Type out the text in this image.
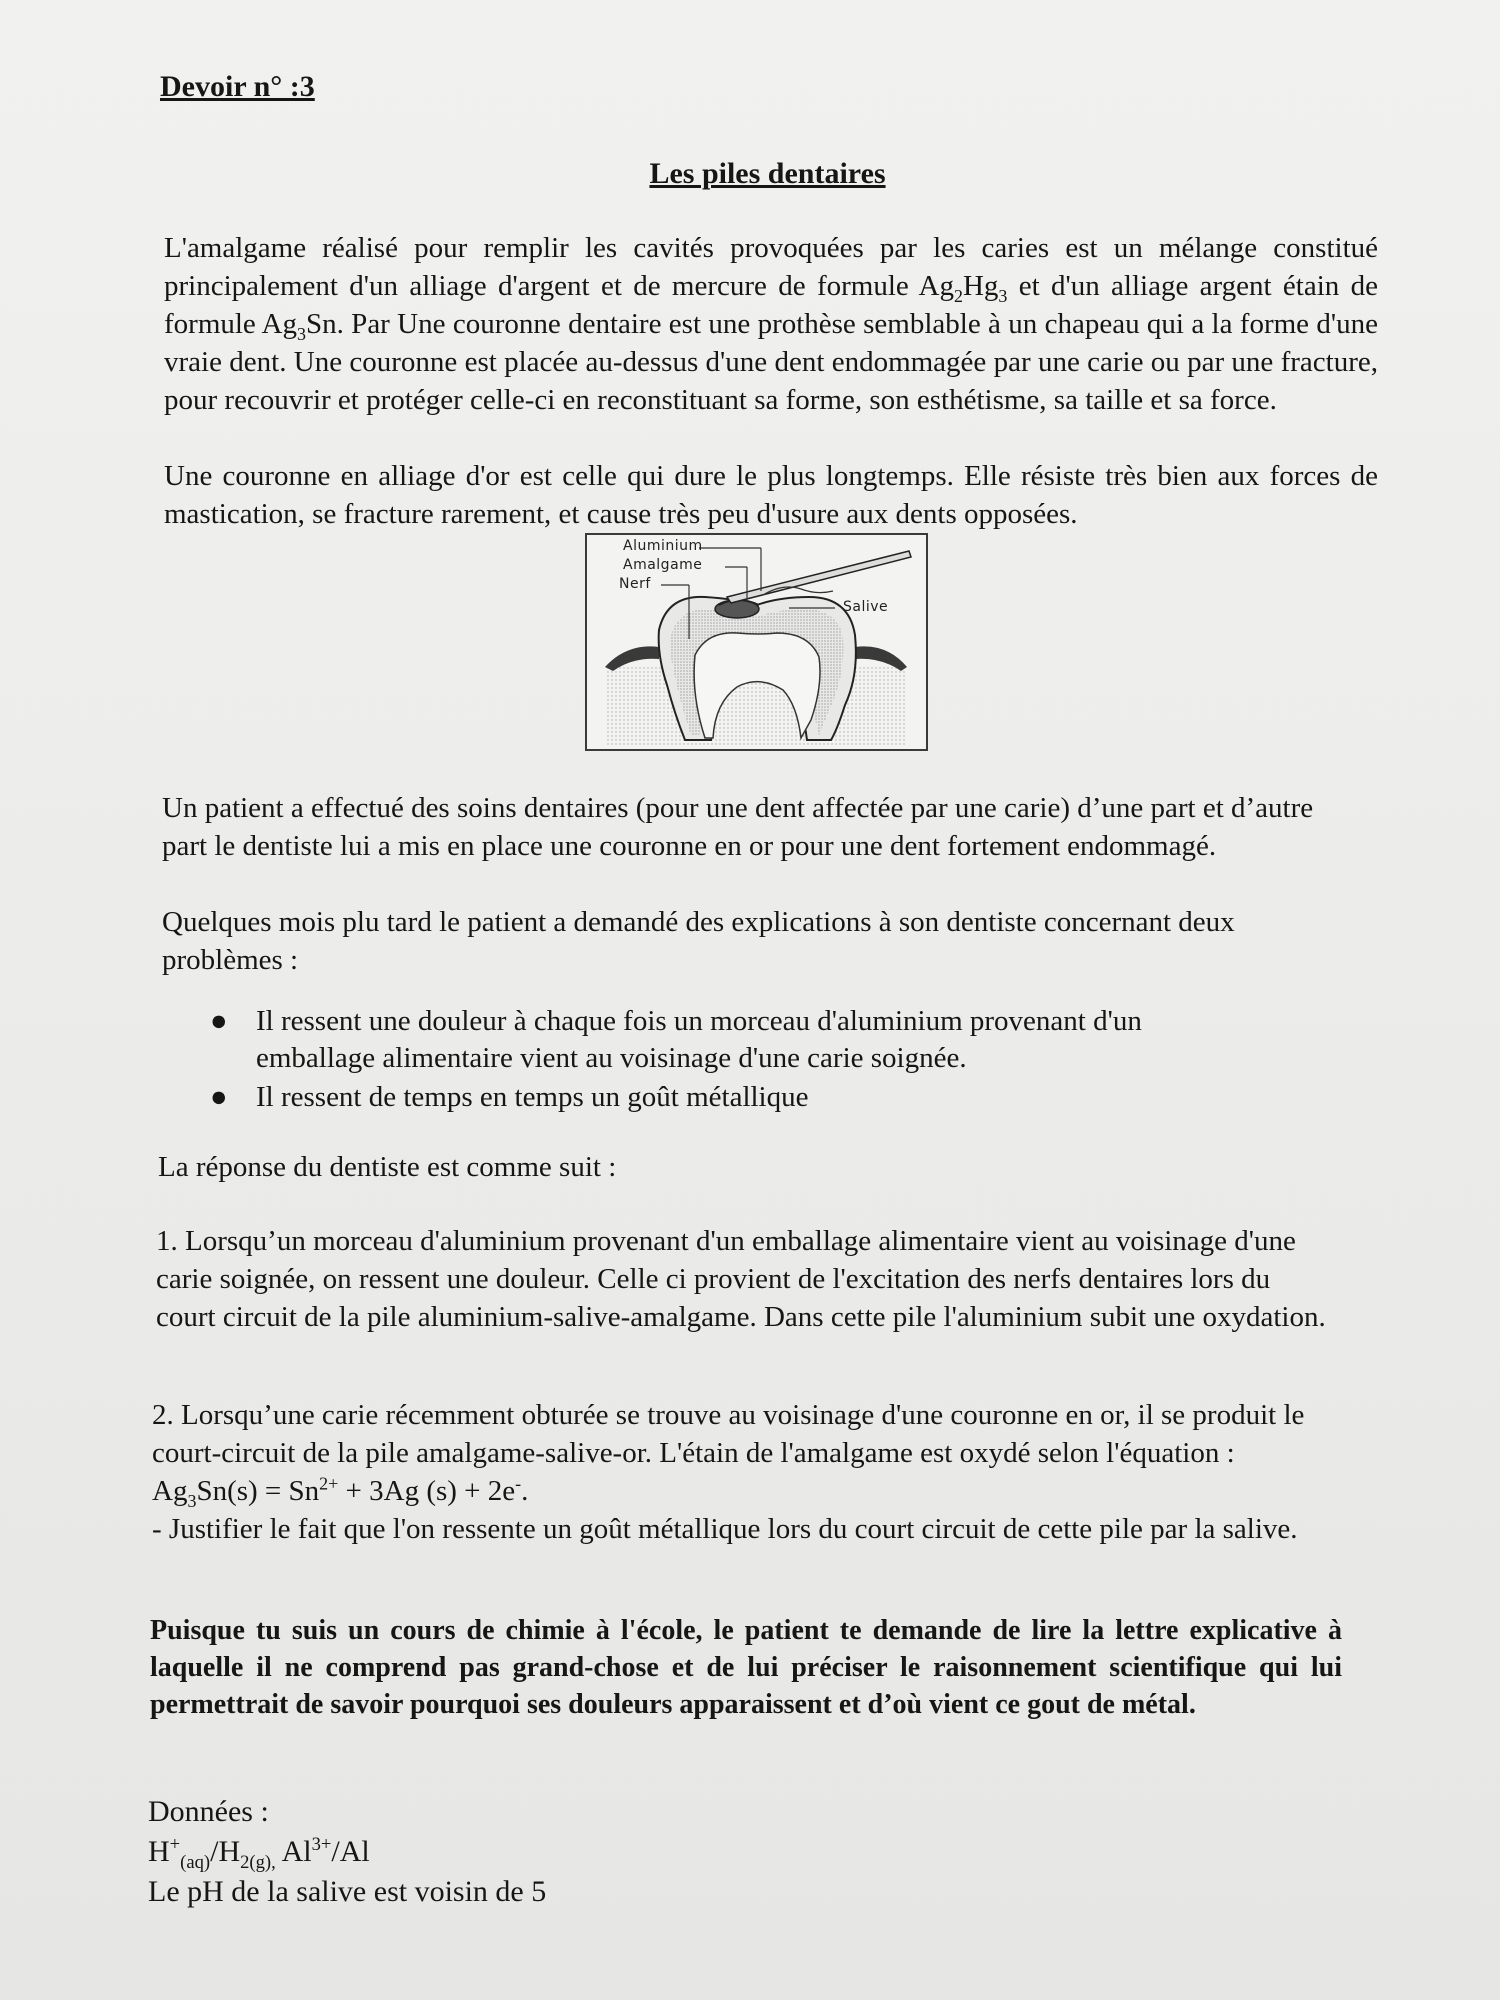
Devoir n° :3
Les piles dentaires
L'amalgame réalisé pour remplir les cavités provoquées par les caries est un mélange constitué principalement d'un alliage d'argent et de mercure de formule $Ag_2Hg_3$ et d'un alliage argent étain de formule $Ag_3Sn$. Par Une couronne dentaire est une prothèse semblable à un chapeau qui a la forme d'une vraie dent. Une couronne est placée au-dessus d'une dent endommagée par une carie ou par une fracture, pour recouvrir et protéger celle-ci en reconstituant sa forme, son esthétisme, sa taille et sa force.
Une couronne en alliage d'or est celle qui dure le plus longtemps. Elle résiste très bien aux forces de mastication, se fracture rarement, et cause très peu d'usure aux dents opposées.
Aluminium
Amalgame
Nerf
Salive
Un patient a effectué des soins dentaires (pour une dent affectée par une carie) d’une part et d’autre part le dentiste lui a mis en place une couronne en or pour une dent fortement endommagé.
Quelques mois plu tard le patient a demandé des explications à son dentiste concernant deux problèmes :
● Il ressent une douleur à chaque fois un morceau d'aluminium provenant d'un emballage alimentaire vient au voisinage d'une carie soignée.
● Il ressent de temps en temps un goût métallique
La réponse du dentiste est comme suit :
1. Lorsqu’un morceau d'aluminium provenant d'un emballage alimentaire vient au voisinage d'une carie soignée, on ressent une douleur. Celle ci provient de l'excitation des nerfs dentaires lors du court circuit de la pile aluminium-salive-amalgame. Dans cette pile l'aluminium subit une oxydation.
2. Lorsqu’une carie récemment obturée se trouve au voisinage d'une couronne en or, il se produit le court-circuit de la pile amalgame-salive-or. L'étain de l'amalgame est oxydé selon l'équation : $Ag_3Sn(s) = Sn^{2+} + 3Ag$ (s) + 2e-.
- Justifier le fait que l'on ressente un goût métallique lors du court circuit de cette pile par la salive.
Puisque tu suis un cours de chimie à l'école, le patient te demande de lire la lettre explicative à laquelle il ne comprend pas grand-chose et de lui préciser le raisonnement scientifique qui lui permettrait de savoir pourquoi ses douleurs apparaissent et d’où vient ce gout de métal.
Données :
$H^+_{(aq)}/H_{2(g),}$ $Al^{3+}/Al$
Le pH de la salive est voisin de 5
